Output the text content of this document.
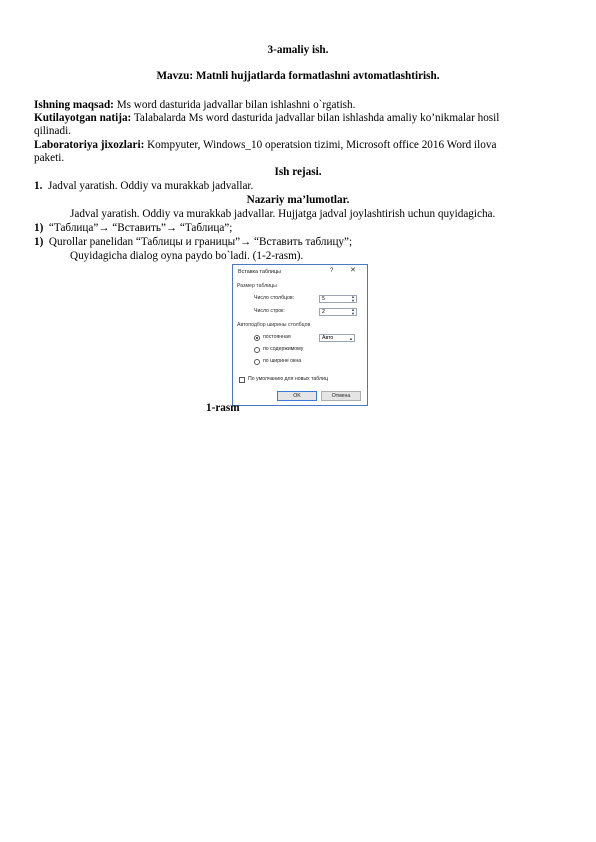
3-amaliy ish.
Mavzu: Matnli hujjatlarda formatlashni avtomatlashtirish.
Ishning maqsad: Ms word dasturida jadvallar bilan ishlashni o`rgatish.
Kutilayotgan natija: Talabalarda Ms word dasturida jadvallar bilan ishlashda amaliy ko’nikmalar hosil
qilinadi.
Laboratoriya jixozlari: Kompyuter, Windows_10 operatsion tizimi, Microsoft office 2016 Word ilova
paketi.
Ish rejasi.
1. Jadval yaratish. Oddiy va murakkab jadvallar.
Nazariy ma’lumotlar.
Jadval yaratish. Oddiy va murakkab jadvallar. Hujjatga jadval joylashtirish uchun quyidagicha.
1) “Таблица”→ “Вставить”→ “Таблица”;
1) Qurollar panelidan “Таблицы и границы”→ “Вставить таблицу”;
Quyidagicha dialog oyna paydo bo`ladi. (1-2-rasm).
Вставка таблицы	? ✕
Размер таблицы
Число столбцов:	5	▲
▼
Число строк:	2	▲
▼
Автоподбор ширины столбцов
постоянная	Авто	▲
по содержимому
по ширине окна
По умолчанию для новых таблиц
OK	Отмена
1-rasm
